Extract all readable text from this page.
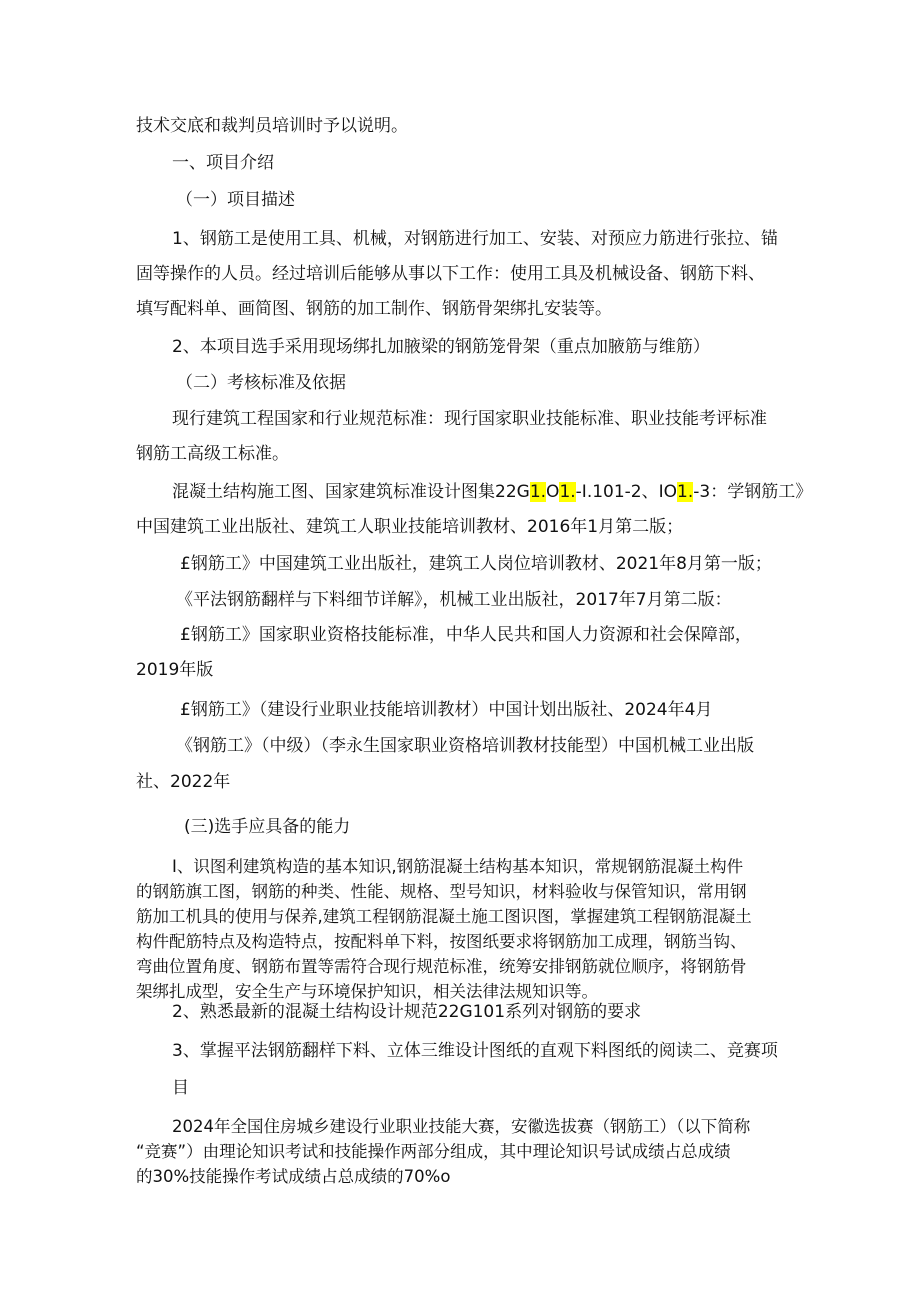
技术交底和裁判员培训时予以说明。

一、项目介绍

（一）项目描述

1、钢筋工是使用工具、机械，对钢筋进行加工、安装、对预应力筋进行张拉、锚

固等操作的人员。经过培训后能够从事以下工作：使用工具及机械设备、钢筋下料、

填写配料单、画简图、钢筋的加工制作、钢筋骨架绑扎安装等。

2、本项目选手采用现场绑扎加腋梁的钢筋笼骨架（重点加腋筋与维筋）

（二）考核标准及依据

现行建筑工程国家和行业规范标准：现行国家职业技能标准、职业技能考评标准

钢筋工高级工标准。

混凝土结构施工图、国家建筑标准设计图集22G1.O1.-I.101-2、IO1.-3：学钢筋工》

中国建筑工业出版社、建筑工人职业技能培训教材、2016年1月第二版；

£钢筋工》中国建筑工业出版社，建筑工人岗位培训教材、2021年8月第一版；

《平法钢筋翻样与下料细节详解》，机械工业出版社，2017年7月第二版：

£钢筋工》国家职业资格技能标准，中华人民共和国人力资源和社会保障部，

2019年版

£钢筋工》（建设行业职业技能培训教材）中国计划出版社、2024年4月

《钢筋工》（中级）（李永生国家职业资格培训教材技能型）中国机械工业出版

社、2022年

(三)选手应具备的能力

I、识图利建筑构造的基本知识,钢筋混凝土结构基本知识，常规钢筋混凝土构件

的钢筋旗工图，钢筋的种类、性能、规格、型号知识，材料验收与保管知识，常用钢

筋加工机具的使用与保养,建筑工程钢筋混凝土施工图识图，掌握建筑工程钢筋混凝土

构件配筋特点及构造特点，按配料单下料，按图纸要求将钢筋加工成理，钢筋当钩、

弯曲位置角度、钢筋布置等需符合现行规范标准，统筹安排钢筋就位顺序，将钢筋骨

架绑扎成型，安全生产与环境保护知识，相关法律法规知识等。

2、熟悉最新的混凝土结构设计规范22G101系列对钢筋的要求

3、掌握平法钢筋翻样下料、立体三维设计图纸的直观下料图纸的阅读二、竞赛项

目

2024年全国住房城乡建设行业职业技能大赛，安徽选拔赛（钢筋工）（以下简称

“竞赛”）由理论知识考试和技能操作两部分组成，其中理论知识号试成绩占总成绩

的30%技能操作考试成绩占总成绩的70%o
